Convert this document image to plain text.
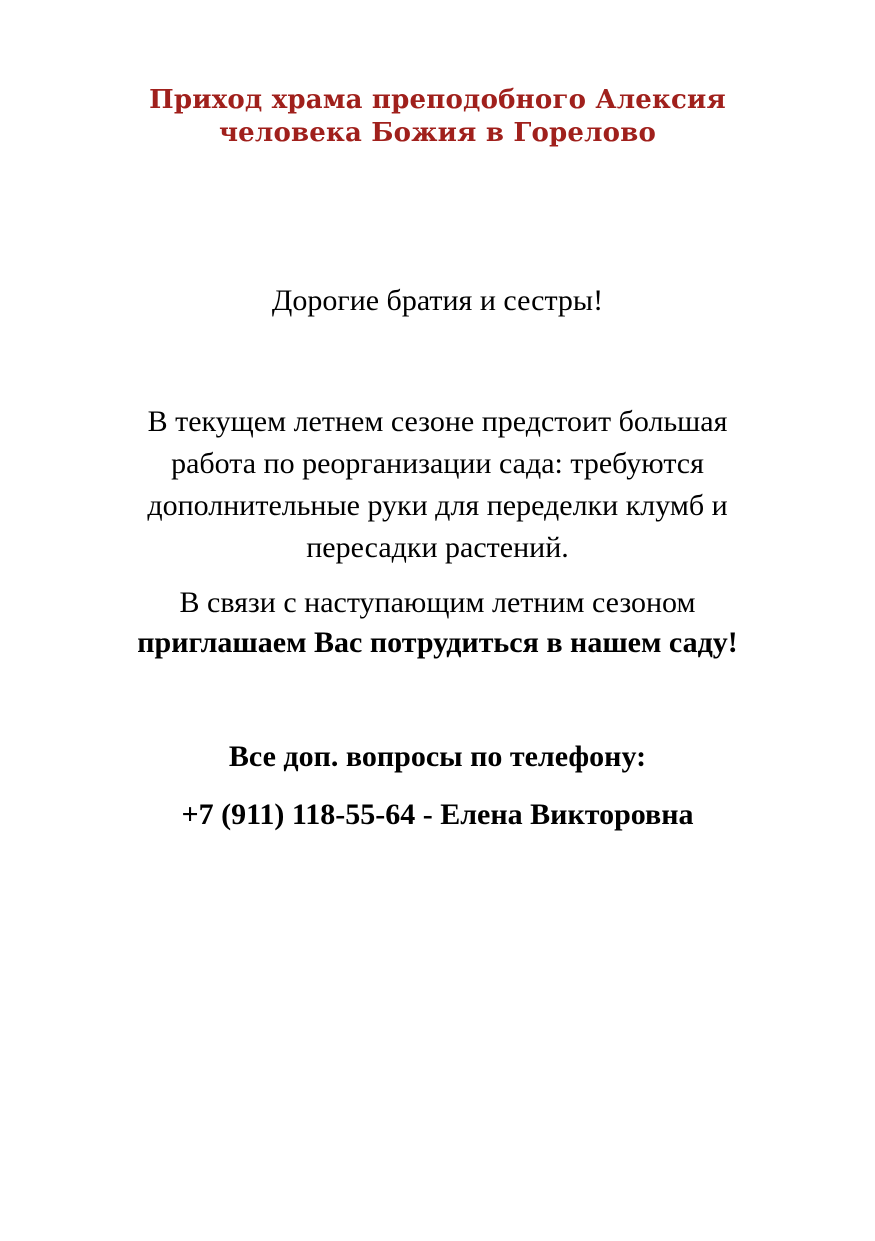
Приход храма преподобного Алексия
человека Божия в Горелово
Дорогие братия и сестры!
В текущем летнем сезоне предстоит большая
работа по реорганизации сада: требуются
дополнительные руки для переделки клумб и
пересадки растений.
В связи с наступающим летним сезоном
приглашаем Вас потрудиться в нашем саду!
Все доп. вопросы по телефону:
+7 (911) 118-55-64 - Елена Викторовна
